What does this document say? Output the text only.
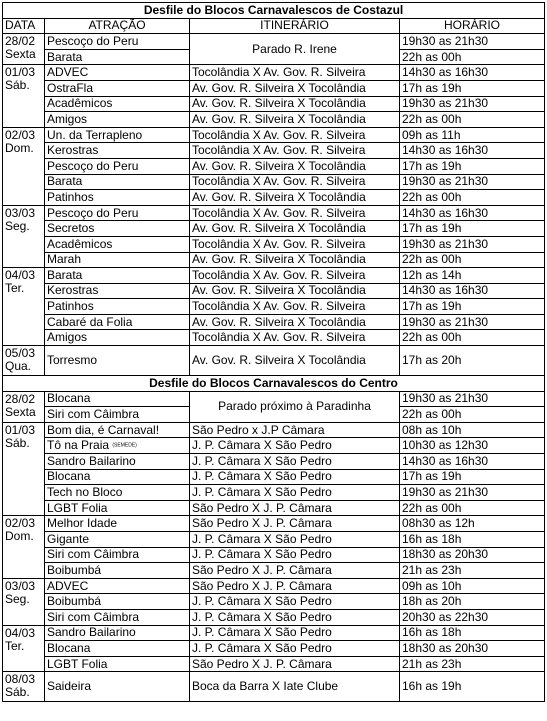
Desfile do Blocos Carnavalescos de Costazul			
DATA	ATRAÇÃO	ITINERÁRIO	HORÁRIO

28/02
Sexta	Pescoço do Peru	Parado R. Irene	19h30 as 21h30
	Barata		22h as 00h

01/03
Sáb.	ADVEC	Tocolândia X Av. Gov. R. Silveira	14h30 as 16h30
	OstraFla	Av. Gov. R. Silveira X Tocolândia	17h as 19h
	Acadêmicos	Av. Gov. R. Silveira X Tocolândia	19h30 as 21h30
	Amigos	Av. Gov. R. Silveira X Tocolândia	22h as 00h

02/03
Dom.	Un. da Terrapleno	Tocolândia X Av. Gov. R. Silveira	09h as 11h
	Kerostras	Tocolândia X Av. Gov. R. Silveira	14h30 as 16h30
	Pescoço do Peru	Av. Gov. R. Silveira X Tocolândia	17h as 19h
	Barata	Tocolândia X Av. Gov. R. Silveira	19h30 as 21h30
	Patinhos	Av. Gov. R. Silveira X Tocolândia	22h as 00h

03/03
Seg.	Pescoço do Peru	Tocolândia X Av. Gov. R. Silveira	14h30 as 16h30
	Secretos	Av. Gov. R. Silveira X Tocolândia	17h as 19h
	Acadêmicos	Tocolândia X Av. Gov. R. Silveira	19h30 as 21h30
	Marah	Av. Gov. R. Silveira X Tocolândia	22h as 00h

04/03
Ter.	Barata	Tocolândia X Av. Gov. R. Silveira	12h as 14h
	Kerostras	Av. Gov. R. Silveira X Tocolândia	14h30 as 16h30
	Patinhos	Tocolândia X Av. Gov. R. Silveira	17h as 19h
	Cabaré da Folia	Av. Gov. R. Silveira X Tocolândia	19h30 as 21h30
	Amigos	Tocolândia X Av. Gov. R. Silveira	22h as 00h

05/03
Qua.	Torresmo	Av. Gov. R. Silveira X Tocolândia	17h as 20h
Desfile do Blocos Carnavalescos do Centro			

28/02
Sexta	Blocana	Parado próximo à Paradinha	19h30 as 21h30
	Siri com Câimbra		22h as 00h

01/03
Sáb.	Bom dia, é Carnaval!	São Pedro x J.P Câmara	08h as 10h
	Tô na Praia (SEMEDE)	J. P. Câmara X São Pedro	10h30 as 12h30
	Sandro Bailarino	J. P. Câmara X São Pedro	14h30 as 16h30
	Blocana	J. P. Câmara X São Pedro	17h as 19h
	Tech no Bloco	J. P. Câmara X São Pedro	19h30 as 21h30
	LGBT Folia	São Pedro X J. P. Câmara	22h as 00h

02/03
Dom.	Melhor Idade	São Pedro X J. P. Câmara	08h30 as 12h
	Gigante	J. P. Câmara X São Pedro	16h as 18h
	Siri com Câimbra	J. P. Câmara X São Pedro	18h30 as 20h30
	Boibumbá	São Pedro X J. P. Câmara	21h as 23h

03/03
Seg.	ADVEC	São Pedro X J. P. Câmara	09h as 10h
	Boibumbá	J. P. Câmara X São Pedro	18h as 20h
	Siri com Câimbra	J. P. Câmara X São Pedro	20h30 as 22h30

04/03
Ter.	Sandro Bailarino	J. P. Câmara X São Pedro	16h as 18h
	Blocana	J. P. Câmara X São Pedro	18h30 as 20h30
	LGBT Folia	São Pedro X J. P. Câmara	21h as 23h

08/03
Sáb.	Saideira	Boca da Barra X Iate Clube	16h as 19h
